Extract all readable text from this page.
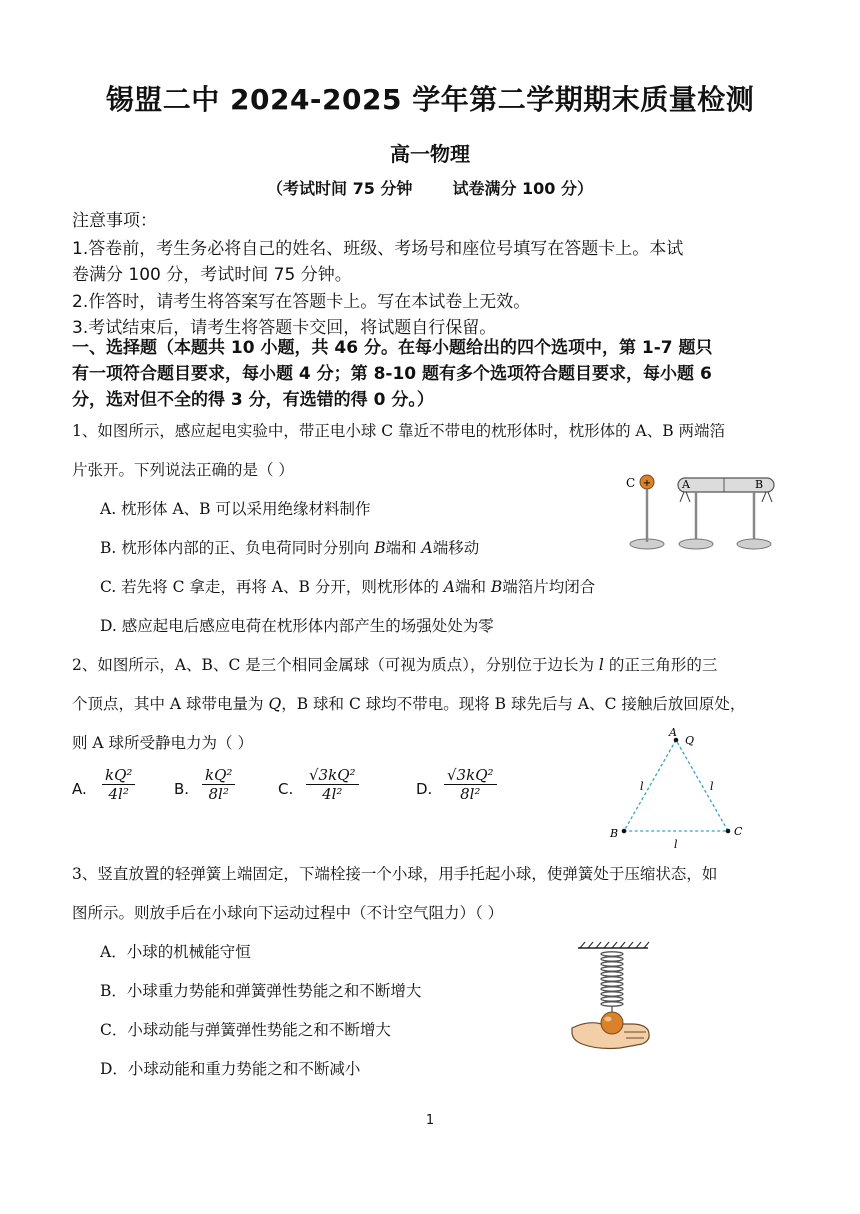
锡盟二中 2024-2025 学年第二学期期末质量检测
高一物理
（考试时间 75 分钟	试卷满分 100 分）
注意事项：
1.答卷前，考生务必将自己的姓名、班级、考场号和座位号填写在答题卡上。本试
卷满分 100 分，考试时间 75 分钟。
2.作答时，请考生将答案写在答题卡上。写在本试卷上无效。
3.考试结束后，请考生将答题卡交回，将试题自行保留。
一、选择题（本题共 10 小题，共 46 分。在每小题给出的四个选项中，第 1-7 题只
有一项符合题目要求，每小题 4 分；第 8-10 题有多个选项符合题目要求，每小题 6
分，选对但不全的得 3 分，有选错的得 0 分。）
1、如图所示，感应起电实验中，带正电小球 C 靠近不带电的枕形体时，枕形体的 A、B 两端箔
片张开。下列说法正确的是（ ）
A. 枕形体 A、B 可以采用绝缘材料制作
B. 枕形体内部的正、负电荷同时分别向 B端和 A端移动
C. 若先将 C 拿走，再将 A、B 分开，则枕形体的 A端和 B端箔片均闭合
D. 感应起电后感应电荷在枕形体内部产生的场强处处为零
+
C	A	B
2、如图所示，A、B、C 是三个相同金属球（可视为质点），分别位于边长为 l 的正三角形的三
个顶点，其中 A 球带电量为 Q，B 球和 C 球均不带电。现将 B 球先后与 A、C 接触后放回原处，
则 A 球所受静电力为（ ）
A. $\frac{\text{kQ²}}{\text{4l²}}$	B. $\frac{\text{kQ²}}{\text{8l²}}$	C. $\frac{\text{√3kQ²}}{\text{4l²}}$	D. $\frac{\text{√3kQ²}}{\text{8l²}}$
A
Q
B	C
l	l
l
3、竖直放置的轻弹簧上端固定，下端栓接一个小球，用手托起小球，使弹簧处于压缩状态，如
图所示。则放手后在小球向下运动过程中（不计空气阻力）（ ）
A．小球的机械能守恒
B．小球重力势能和弹簧弹性势能之和不断增大
C．小球动能与弹簧弹性势能之和不断增大
D．小球动能和重力势能之和不断减小
1
